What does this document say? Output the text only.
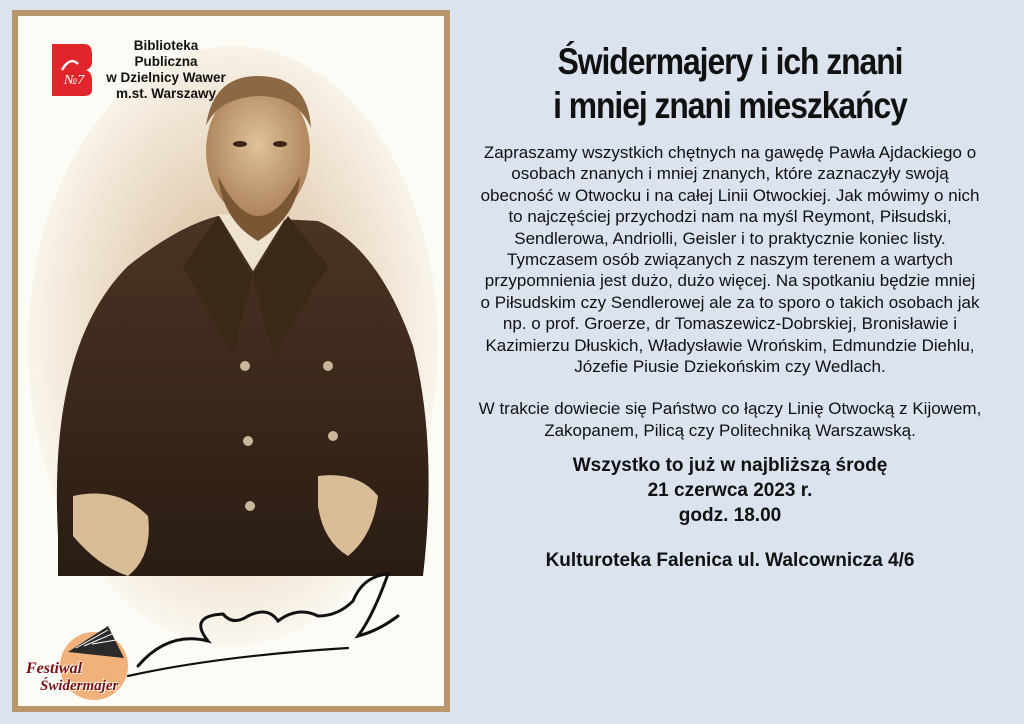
№7
Biblioteka Publiczna
w Dzielnicy Wawer
m.st. Warszawy
Festiwal
Świdermajer
Świdermajery i ich znani
i mniej znani mieszkańcy

Zapraszamy wszystkich chętnych na gawędę Pawła Ajdackiego o osobach znanych i mniej znanych, które zaznaczyły swoją obecność w Otwocku i na całej Linii Otwockiej. Jak mówimy o nich to najczęściej przychodzi nam na myśl Reymont, Piłsudski, Sendlerowa, Andriolli, Geisler i to praktycznie koniec listy. Tymczasem osób związanych z naszym terenem a wartych przypomnienia jest dużo, dużo więcej. Na spotkaniu będzie mniej o Piłsudskim czy Sendlerowej ale za to sporo o takich osobach jak np. o prof. Groerze, dr Tomaszewicz-Dobrskiej, Bronisławie i Kazimierzu Dłuskich, Władysławie Wrońskim, Edmundzie Diehlu, Józefie Piusie Dziekońskim czy Wedlach.

W trakcie dowiecie się Państwo co łączy Linię Otwocką z Kijowem, Zakopanem, Pilicą czy Politechniką Warszawską.

Wszystko to już w najbliższą środę
21 czerwca 2023 r.
godz. 18.00
Kulturoteka Falenica ul. Walcownicza 4/6
